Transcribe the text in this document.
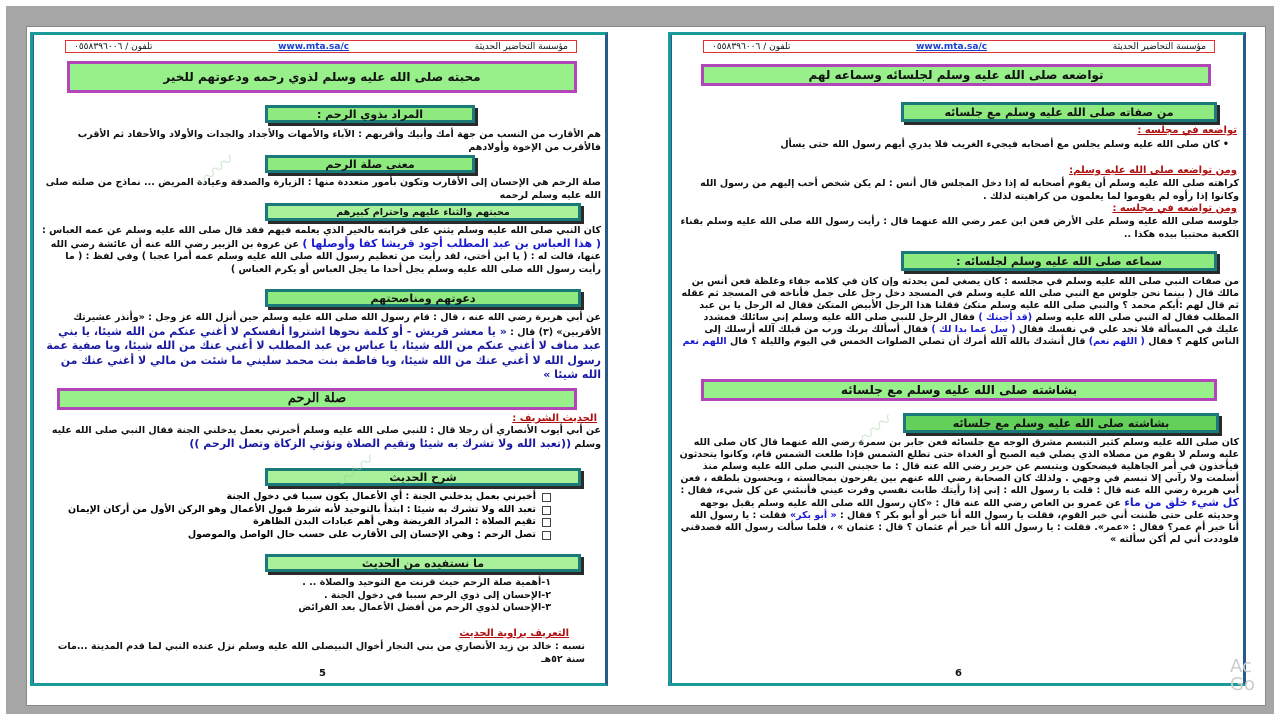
مؤسسة التحاضير الحديثة
www.mta.sa/c
تلفون / ٠٥٥٨٣٩٦٠٠٦
محبته صلى الله عليه وسلم لذوي رحمه ودعوتهم للخير
المراد بذوي الرحم :
هم الأقارب من النسب من جهة أمك وأبيك وأقربهم : الآباء والأمهات والأجداد والجدات والأولاد والأحفاد ثم الأقرب فالأقرب من الإخوة وأولادهم
معنى صلة الرحم
صلة الرحم هي الإحسان إلى الأقارب وتكون بأمور متعددة منها : الزيارة والصدقة وعيادة المريض ... نماذج من صلته صلى الله عليه وسلم لرحمه
محبتهم والثناء عليهم واحترام كبيرهم
كان النبي صلى الله عليه وسلم يثني على قرابته بالخير الذي يعلمه فيهم فقد قال صلى الله عليه وسلم عن عمه العباس : ( هذا العباس بن عبد المطلب أجود قريشا كفا وأوصلها ) عن عروة بن الزبير رضي الله عنه أن عائشة رضي الله عنها، قالت له : ( يا ابن أختي، لقد رأيت من تعظيم رسول الله صلى الله عليه وسلم عمه أمرا عجبا ) وفي لفظ : ( ما رأيت رسول الله صلى الله عليه وسلم يجل أحدا ما يجل العباس أو يكرم العباس )
دعوتهم ومناصحتهم
عن أبي هريرة رضي الله عنه ، قال : قام رسول الله صلى الله عليه وسلم حين أنزل الله عز وجل : «وأنذر عشيرتك الأقربين» (٣) قال : « يا معشر قريش - أو كلمة نحوها اشتروا أنفسكم لا أغني عنكم من الله شيئا، يا بني عبد مناف لا أغني عنكم من الله شيئا، يا عباس بن عبد المطلب لا أغني عنك من الله شيئا، ويا صفية عمة رسول الله لا أغني عنك من الله شيئا، ويا فاطمة بنت محمد سليني ما شئت من مالي لا أغني عنك من الله شيئا »
صلة الرحم
الحديث الشريف :
عن أبي أيوب الأنصاري أن رجلا قال : للنبي صلى الله عليه وسلم أخبرني بعمل يدخلني الجنة فقال النبي صلى الله عليه وسلم ((تعبد الله ولا تشرك به شيئا وتقيم الصلاة وتؤتي الزكاة وتصل الرحم ))
شرح الحديث
أخبرني بعمل يدخلني الجنة : أي الأعمال يكون سببا في دخول الجنة
تعبد الله ولا تشرك به شيئا : ابتدأ بالتوحيد لأنه شرط قبول الأعمال وهو الركن الأول من أركان الإيمان
تقيم الصلاة : المراد الفريضة وهي أهم عبادات البدن الظاهرة
تصل الرحم : وهي الإحسان إلى الأقارب على حسب حال الواصل والموصول
ما نستفيده من الحديث
١-أهمية صلة الرحم حيث قرنت مع التوحيد والصلاة .. .
٢-الإحسان إلى ذوي الرحم سببا في دخول الجنة .
٣-الإحسان لذوي الرحم من أفضل الأعمال بعد الفرائض
التعريف براوية الحديث
نسبه : خالد بن زيد الأنصاري من بني النجار أخوال النبيصلى الله عليه وسلم نزل عنده النبي لما قدم المدينة ...مات سنة ٥٢هـ
5
〰〰
〰〰
مؤسسة التحاضير الحديثة
www.mta.sa/c
تلفون / ٠٥٥٨٣٩٦٠٠٦
تواضعه صلى الله عليه وسلم لجلسائه وسماعه لهم
من صفاته صلى الله عليه وسلم مع جلسائه
تواضعه في مجلسه :
• كان صلى الله عليه وسلم يجلس مع أصحابه فيجيء الغريب فلا يدري أيهم رسول الله حتى يسأل
ومن تواضعه صلى الله عليه وسلم:
كراهته صلى الله عليه وسلم أن يقوم أصحابه له إذا دخل المجلس قال أنس : لم يكن شخص أحب إليهم من رسول الله وكانوا إذا رأوه لم يقوموا لما يعلمون من كراهيته لذلك .
ومن تواضعه في مجلسه :
جلوسه صلى الله عليه وسلم على الأرض فعن ابن عمر رضي الله عنهما قال : رأيت رسول الله صلى الله عليه وسلم بفناء الكعبة محتبيا بيده هكذا ..
سماعه صلى الله عليه وسلم لجلسائه :
من صفات النبي صلى الله عليه وسلم في مجلسه : كان يصغي لمن يحدثه وإن كان في كلامه جفاء وغلظة فعن أنس بن مالك قال ( بينما نحن جلوس مع النبي صلى الله عليه وسلم في المسجد دخل رجل على جمل فأناخه في المسجد ثم عقله ثم قال لهم :أيكم محمد ؟ والنبي صلى الله عليه وسلم متكئ فقلنا هذا الرجل الأبيض المتكئ فقال له الرجل يا بن عبد المطلب فقال له النبي صلى الله عليه وسلم (قد أجبتك ) فقال الرجل للنبي صلى الله عليه وسلم إني سائلك فمشدد عليك في المسألة فلا تجد علي في نفسك فقال ( سل عما بدا لك ) فقال أسألك بربك ورب من قبلك آلله أرسلك إلى الناس كلهم ؟ فقال ( اللهم نعم) قال أنشدك بالله آلله أمرك أن تصلي الصلوات الخمس في اليوم والليلة ؟ قال اللهم نعم
بشاشته صلى الله عليه وسلم مع جلسائه
بشاشته صلى الله عليه وسلم مع جلسائه
كان صلى الله عليه وسلم كثير التبسم مشرق الوجه مع جلسائه فعن جابر بن سمرة رضي الله عنهما قال كان صلى الله عليه وسلم لا يقوم من مصلاه الذي يصلي فيه الصبح أو الغداة حتى تطلع الشمس فإذا طلعت الشمس قام، وكانوا يتحدثون فيأخذون في أمر الجاهلية فيضحكون ويتبسم عن جرير رضي الله عنه قال : ما حجبني النبي صلى الله عليه وسلم منذ أسلمت ولا رآني إلا تبسم في وجهي . ولذلك كان الصحابة رضي الله عنهم بين يفرحون بمجالسته ، ويحسون بلطفه ، فعن أبي هريرة رضي الله عنه قال : قلت يا رسول الله : إني إذا رأيتك طابت نفسي وقرت عيني فأنبئني عن كل شيء، فقال : كل شيء خلق من ماء عن عمرو بن العاص رضي الله عنه قال : «كان رسول الله صلى الله عليه وسلم يقبل بوجهه وحديثه على حتى ظننت أني خير القوم، فقلت يا رسول الله أنا خير أو أبو بكر ؟ فقال : « أبو بكر» فقلت : يا رسول الله أنا خير أم عمر؟ فقال : «عمر». فقلت : يا رسول الله أنا خير أم عثمان ؟ قال : عثمان » ، فلما سألت رسول الله فصدقني فلوددت أني لم أكن سألته »
6
〰〰
Ac Go
